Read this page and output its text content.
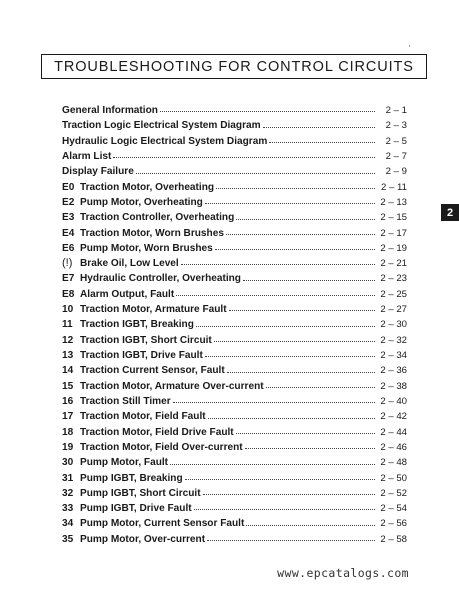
'
TROUBLESHOOTING FOR CONTROL CIRCUITS
General Information	2 – 1
Traction Logic Electrical System Diagram	2 – 3
Hydraulic Logic Electrical System Diagram	2 – 5
Alarm List	2 – 7
Display Failure	2 – 9
E0 Traction Motor, Overheating	2 – 11
E2 Pump Motor, Overheating	2 – 13
E3 Traction Controller, Overheating	2 – 15
E4 Traction Motor, Worn Brushes	2 – 17
E6 Pump Motor, Worn Brushes	2 – 19
(!) Brake Oil, Low Level	2 – 21
E7 Hydraulic Controller, Overheating	2 – 23
E8 Alarm Output, Fault	2 – 25
10 Traction Motor, Armature Fault	2 – 27
11 Traction IGBT, Breaking	2 – 30
12 Traction IGBT, Short Circuit	2 – 32
13 Traction IGBT, Drive Fault	2 – 34
14 Traction Current Sensor, Fault	2 – 36
15 Traction Motor, Armature Over-current	2 – 38
16 Traction Still Timer	2 – 40
17 Traction Motor, Field Fault	2 – 42
18 Traction Motor, Field Drive Fault	2 – 44
19 Traction Motor, Field Over-current	2 – 46
30 Pump Motor, Fault	2 – 48
31 Pump IGBT, Breaking	2 – 50
32 Pump IGBT, Short Circuit	2 – 52
33 Pump IGBT, Drive Fault	2 – 54
34 Pump Motor, Current Sensor Fault	2 – 56
35 Pump Motor, Over-current	2 – 58
2
www.epcatalogs.com
